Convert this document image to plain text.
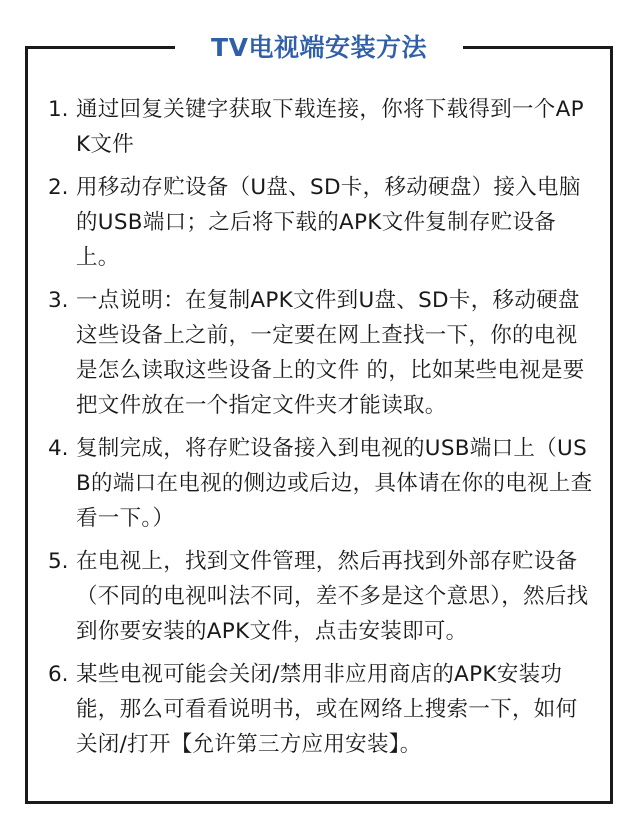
TV电视端安装方法
1. 通过回复关键字获取下载连接，你将下载得到一个APK文件
2. 用移动存贮设备（U盘、SD卡，移动硬盘）接入电脑的USB端口；之后将下载的APK文件复制存贮设备上。
3. 一点说明：在复制APK文件到U盘、SD卡，移动硬盘这些设备上之前，一定要在网上查找一下，你的电视是怎么读取这些设备上的文件 的，比如某些电视是要把文件放在一个指定文件夹才能读取。
4. 复制完成，将存贮设备接入到电视的USB端口上（USB的端口在电视的侧边或后边，具体请在你的电视上查看一下。）
5. 在电视上，找到文件管理，然后再找到外部存贮设备（不同的电视叫法不同，差不多是这个意思），然后找到你要安装的APK文件，点击安装即可。
6. 某些电视可能会关闭/禁用非应用商店的APK安装功能，那么可看看说明书，或在网络上搜索一下，如何关闭/打开【允许第三方应用安装】。
